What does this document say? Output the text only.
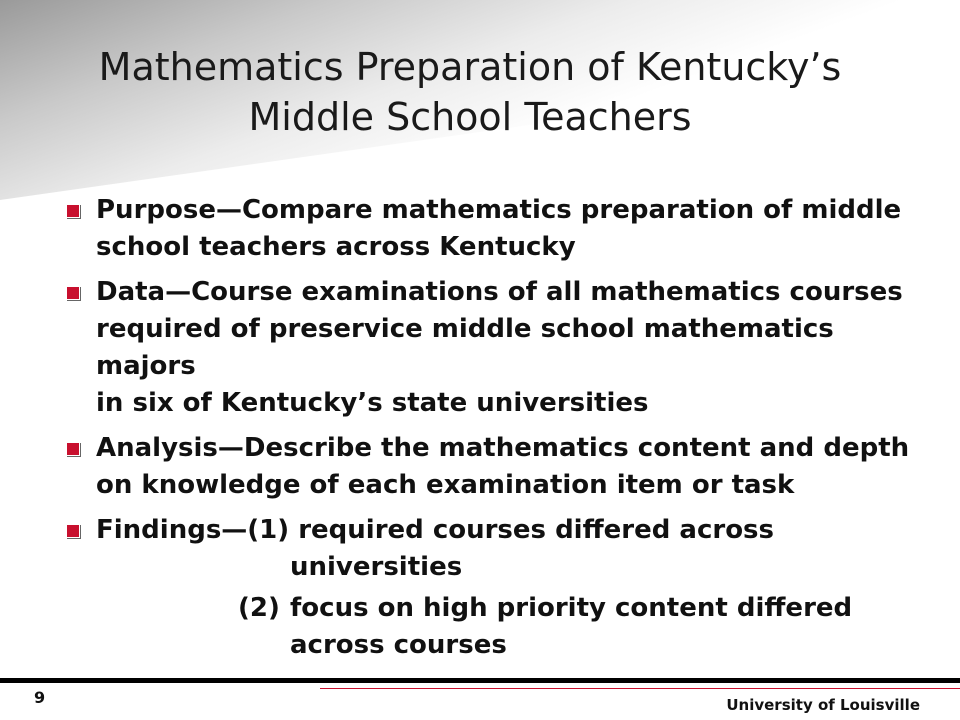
Mathematics Preparation of Kentucky’s
Middle School Teachers
Purpose—Compare mathematics preparation of middle
school teachers across Kentucky
Data—Course examinations of all mathematics courses
required of preservice middle school mathematics majors
in six of Kentucky’s state universities
Analysis—Describe the mathematics content and depth
on knowledge of each examination item or task
Findings—(1) required courses differed across
universities
(2) focus on high priority content differed
across courses
9	University of Louisville
